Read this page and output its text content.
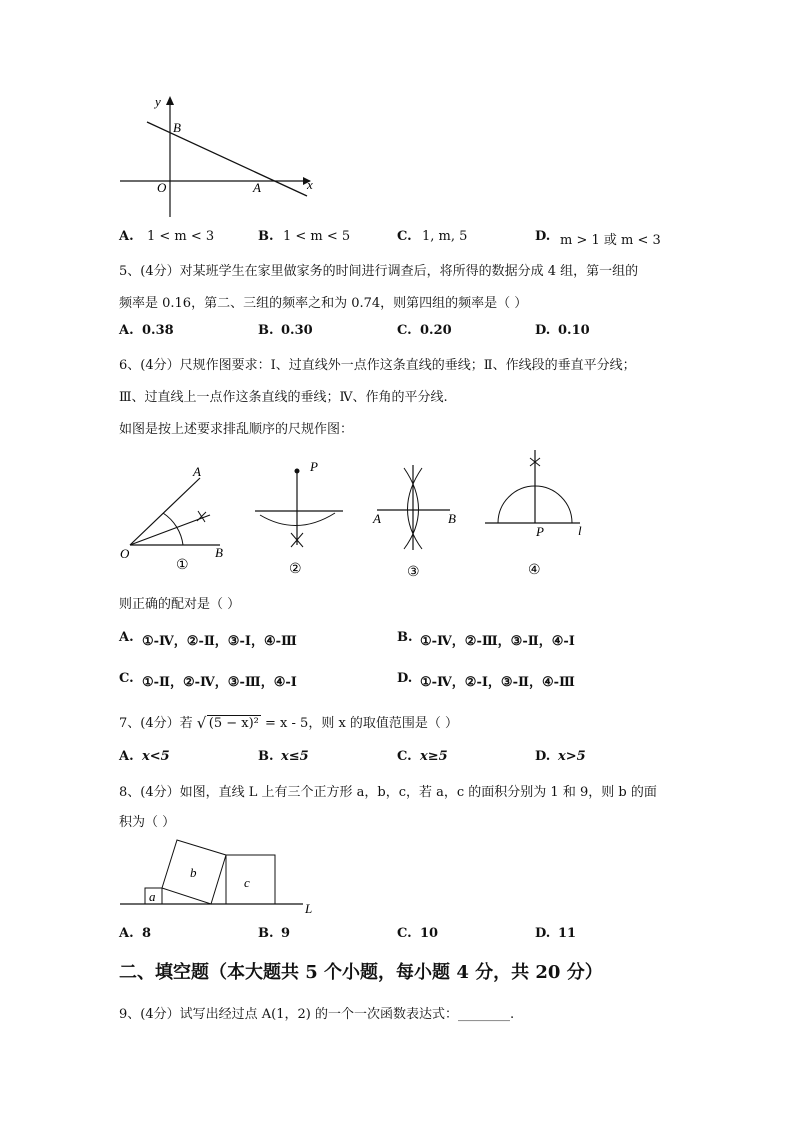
y
x
O
B
A
A. 1 < m < 3	B. 1 < m < 5	C. 1, m, 5	D. m > 1 或 m < 3
5、(4分）对某班学生在家里做家务的时间进行调查后，将所得的数据分成 4 组，第一组的
频率是 0.16，第二、三组的频率之和为 0.74，则第四组的频率是（ ）
A. 0.38	B. 0.30	C. 0.20	D. 0.10
6、(4分）尺规作图要求：Ⅰ、过直线外一点作这条直线的垂线；Ⅱ、作线段的垂直平分线；
Ⅲ、过直线上一点作这条直线的垂线；Ⅳ、作角的平分线.
如图是按上述要求排乱顺序的尺规作图：
A
O	B
①
P
②
A	B
③
P	l
④
则正确的配对是（ ）
A. ①-Ⅳ，②-Ⅱ，③-Ⅰ，④-Ⅲ	B. ①-Ⅳ，②-Ⅲ，③-Ⅱ，④-Ⅰ
C. ①-Ⅱ，②-Ⅳ，③-Ⅲ，④-Ⅰ	D. ①-Ⅳ，②-Ⅰ，③-Ⅱ，④-Ⅲ
7、(4分）若 √ (5 − x)² = x - 5，则 x 的取值范围是（ ）
A. x<5	B. x≤5	C. x≥5	D. x>5
8、(4分）如图，直线 L 上有三个正方形 a，b，c，若 a，c 的面积分别为 1 和 9，则 b 的面
积为（ ）
a
b
c
L
A. 8	B. 9	C. 10	D. 11
二、填空题（本大题共 5 个小题，每小题 4 分，共 20 分）
9、(4分）试写出经过点 A(1，2) 的一个一次函数表达式：________.
